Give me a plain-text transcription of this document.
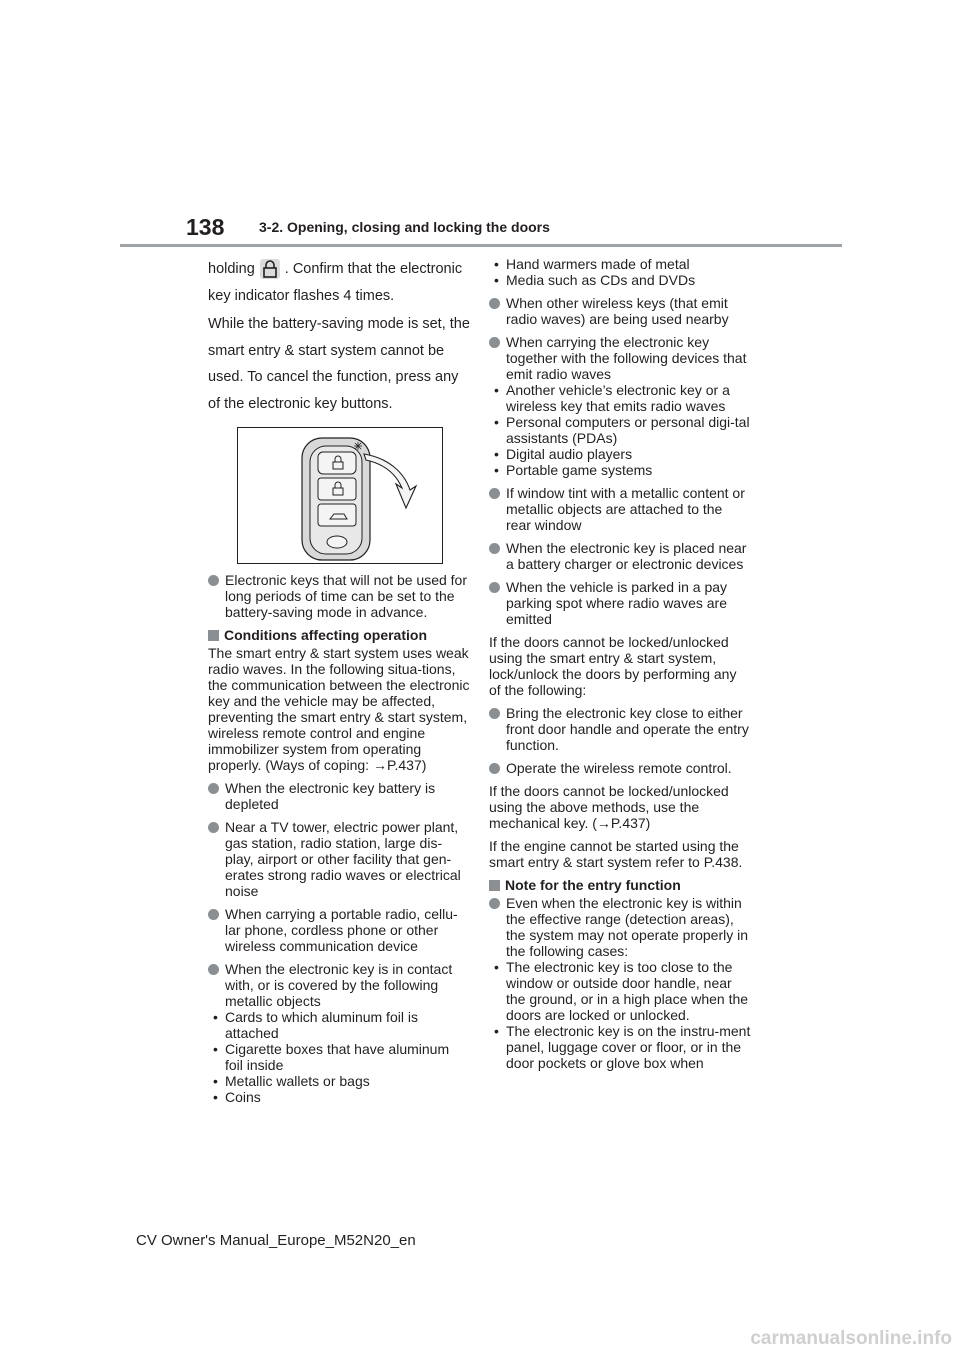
138 3-2. Opening, closing and locking the doors

holding . Confirm that the electronic key indicator flashes 4 times.

While the battery-saving mode is set, the smart entry & start system cannot be used. To cancel the function, press any of the electronic key buttons.

Electronic keys that will not be used for long periods of time can be set to the battery-saving mode in advance.
Conditions affecting operation

The smart entry & start system uses weak radio waves. In the following situa-tions, the communication between the electronic key and the vehicle may be affected, preventing the smart entry & start system, wireless remote control and engine immobilizer system from operating properly. (Ways of coping: →P.437)

When the electronic key battery is depleted
Near a TV tower, electric power plant, gas station, radio station, large dis-play, airport or other facility that gen-erates strong radio waves or electrical noise
When carrying a portable radio, cellu-lar phone, cordless phone or other wireless communication device
When the electronic key is in contact with, or is covered by the following metallic objects
• Cards to which aluminum foil is attached
• Cigarette boxes that have aluminum foil inside
• Metallic wallets or bags
• Coins
• Hand warmers made of metal
• Media such as CDs and DVDs
When other wireless keys (that emit radio waves) are being used nearby
When carrying the electronic key together with the following devices that emit radio waves
• Another vehicle’s electronic key or a wireless key that emits radio waves
• Personal computers or personal digi-tal assistants (PDAs)
• Digital audio players
• Portable game systems
If window tint with a metallic content or metallic objects are attached to the rear window
When the electronic key is placed near a battery charger or electronic devices
When the vehicle is parked in a pay parking spot where radio waves are emitted

If the doors cannot be locked/unlocked using the smart entry & start system, lock/unlock the doors by performing any of the following:

Bring the electronic key close to either front door handle and operate the entry function.
Operate the wireless remote control.

If the doors cannot be locked/unlocked using the above methods, use the mechanical key. (→P.437)

If the engine cannot be started using the smart entry & start system refer to P.438.

Note for the entry function
Even when the electronic key is within the effective range (detection areas), the system may not operate properly in the following cases:
• The electronic key is too close to the window or outside door handle, near the ground, or in a high place when the doors are locked or unlocked.
• The electronic key is on the instru-ment panel, luggage cover or floor, or in the door pockets or glove box when
CV Owner's Manual_Europe_M52N20_en
carmanualsonline.info
